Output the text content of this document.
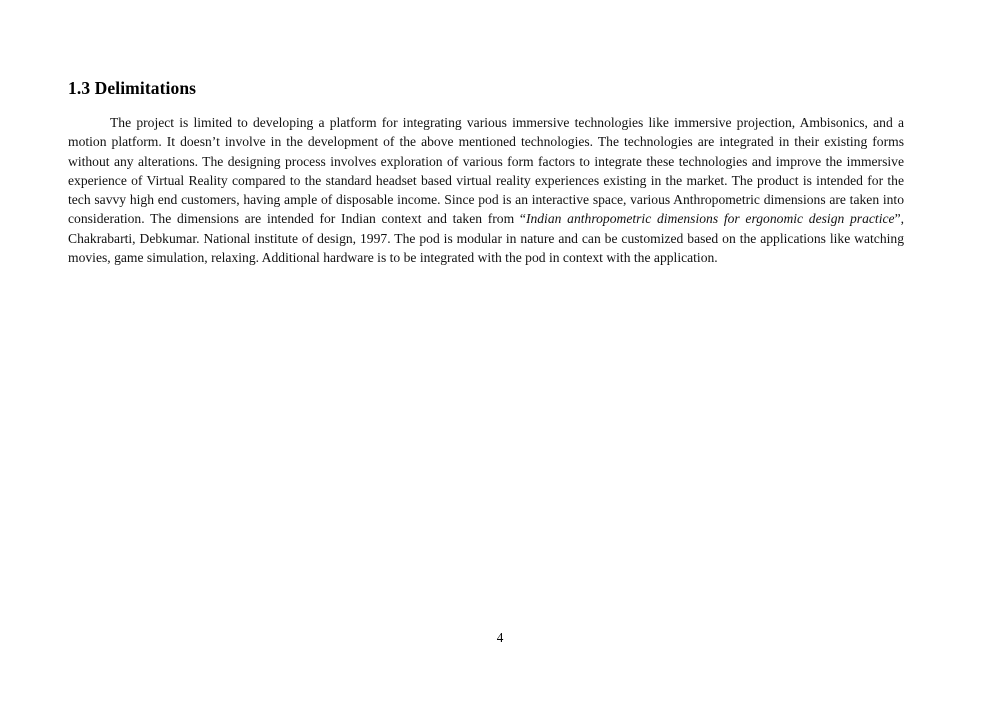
1.3 Delimitations

The project is limited to developing a platform for integrating various immersive technologies like immersive projection, Ambisonics, and a motion platform. It doesn’t involve in the development of the above mentioned technologies. The technologies are integrated in their existing forms without any alterations. The designing process involves exploration of various form factors to integrate these technologies and improve the immersive experience of Virtual Reality compared to the standard headset based virtual reality experiences existing in the market. The product is intended for the tech savvy high end customers, having ample of disposable income. Since pod is an interactive space, various Anthropometric dimensions are taken into consideration. The dimensions are intended for Indian context and taken from “Indian anthropometric dimensions for ergonomic design practice”, Chakrabarti, Debkumar. National institute of design, 1997. The pod is modular in nature and can be customized based on the applications like watching movies, game simulation, relaxing. Additional hardware is to be integrated with the pod in context with the application.

4
